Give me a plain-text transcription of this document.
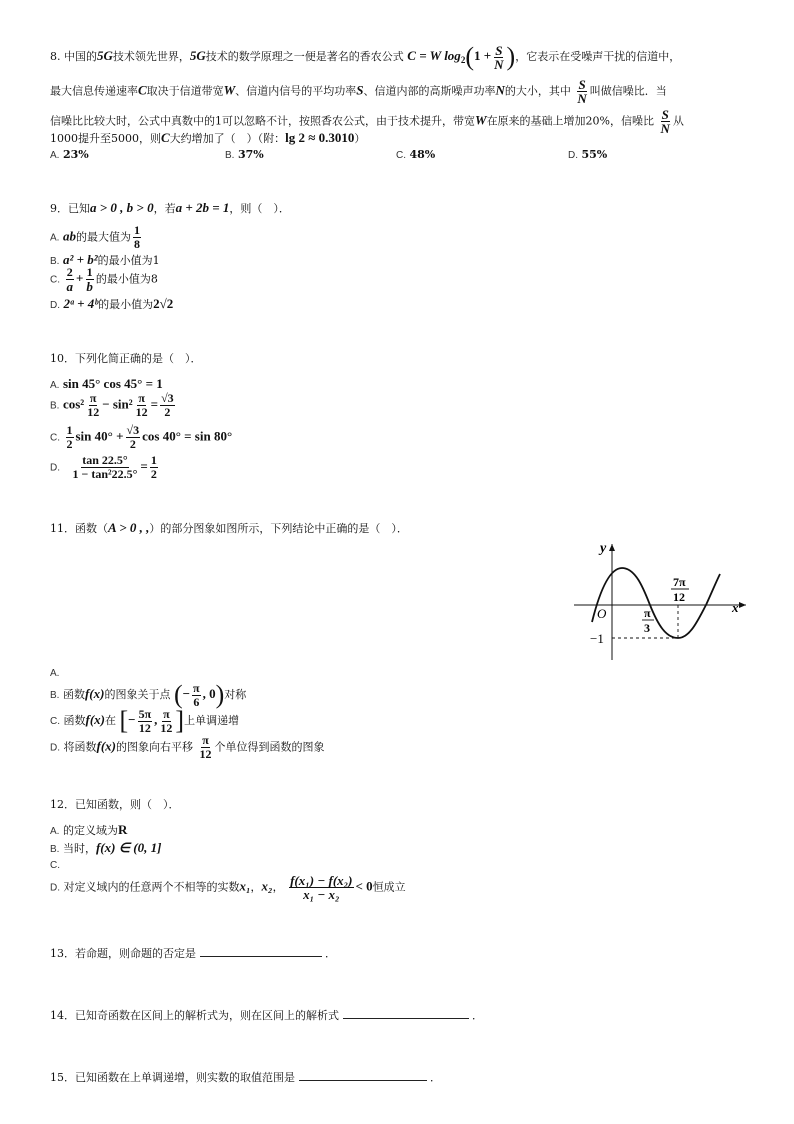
8. 中国的5G技术领先世界，5G技术的数学原理之一便是著名的香农公式 C = W $\log_2(1 + \frac{S}{N}$ )，它表示在受噪声干扰的信道中，
最大信息传递速率C取决于信道带宽W、信道内信号的平均功率S、信道内部的高斯噪声功率N的大小，其中 $\frac{S}{N}$ 叫做信噪比．当
信噪比比较大时，公式中真数中的1可以忽略不计，按照香农公式，由于技术提升，带宽W在原来的基础上增加20%，信噪比 $\frac{S}{N}$ 从
1000提升至5000，则C大约增加了（　）（附：lg 2 ≈ 0.3010）
A. 23%	B. 37%	C. 48%	D. 55%
9．已知a > 0 , b > 0，若a + 2b = 1，则（　）．
A. ab的最大值为 $\frac{1}{8}$
B. a² + b²的最小值为1
C. $\frac{2}{a} + \frac{1}{b}$ 的最小值为8
D. 2ᵃ + 4ᵇ的最小值为2√2
10．下列化简正确的是（　）．
A. sin 45° cos 45° = 1
B. $\cos^2 \frac{\pi}{12} - \sin^2 \frac{\pi}{12} = \frac{√3}{2}$
C. $\frac{1}{2}$ $\sin 40^\circ + \frac{√3}{2}$ cos 40° = sin 80°
D. $\frac{\tan 22.5^\circ}{\text{1 − tan²22.5°}} = \frac{1}{2}$
11．函数（A > 0 , ,）的部分图象如图所示，下列结论中正确的是（　）．
y
x
O
−1
π
3
7π
12
A.
B. 函数f(x)的图象关于点 (− $\frac{\pi}{6}$ , 0)对称
C. 函数f(x)在 [− $\frac{5\pi}{12}$ , $\frac{\pi}{12}$ ]上单调递增
D. 将函数f(x)的图象向右平移 $\frac{\pi}{12}$ 个单位得到函数的图象
12．已知函数，则（　）．
A. 的定义域为R
B. 当时，f(x) ∈ (0, 1]
C.
D. 对定义域内的任意两个不相等的实数x₁，x₂， $\frac{\text{f(x₁) − f(x₂)}}{\text{x₁ − x₂}} < 0$恒成立
13．若命题，则命题的否定是	．
14．已知奇函数在区间上的解析式为，则在区间上的解析式	．
15．已知函数在上单调递增，则实数的取值范围是	．
